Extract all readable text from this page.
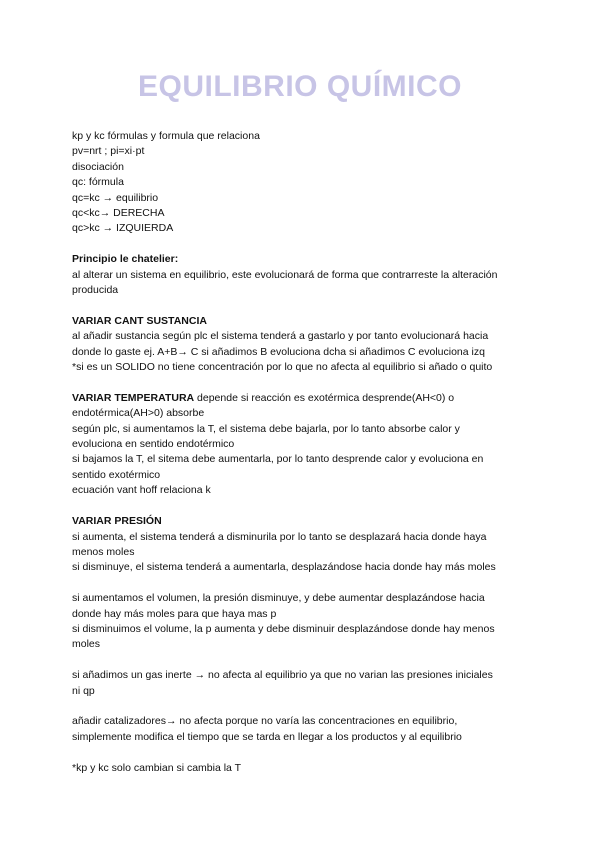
EQUILIBRIO QUÍMICO
kp y kc fórmulas y formula que relaciona
pv=nrt ; pi=xi·pt
disociación
qc: fórmula
qc=kc → equilibrio
qc<kc→ DERECHA
qc>kc → IZQUIERDA
Principio le chatelier:
al alterar un sistema en equilibrio, este evolucionará de forma que contrarreste la alteración
producida
VARIAR CANT SUSTANCIA
al añadir sustancia según plc el sistema tenderá a gastarlo y por tanto evolucionará hacia
donde lo gaste ej. A+B→ C si añadimos B evoluciona dcha si añadimos C evoluciona izq
*si es un SOLIDO no tiene concentración por lo que no afecta al equilibrio si añado o quito
VARIAR TEMPERATURA depende si reacción es exotérmica desprende(AH<0) o
endotérmica(AH>0) absorbe
según plc, si aumentamos la T, el sistema debe bajarla, por lo tanto absorbe calor y
evoluciona en sentido endotérmico
si bajamos la T, el sitema debe aumentarla, por lo tanto desprende calor y evoluciona en
sentido exotérmico
ecuación vant hoff relaciona k
VARIAR PRESIÓN
si aumenta, el sistema tenderá a disminurila por lo tanto se desplazará hacia donde haya
menos moles
si disminuye, el sistema tenderá a aumentarla, desplazándose hacia donde hay más moles
si aumentamos el volumen, la presión disminuye, y debe aumentar desplazándose hacia
donde hay más moles para que haya mas p
si disminuimos el volume, la p aumenta y debe disminuir desplazándose donde hay menos
moles
si añadimos un gas inerte → no afecta al equilibrio ya que no varian las presiones iniciales
ni qp
añadir catalizadores→ no afecta porque no varía las concentraciones en equilibrio,
simplemente modifica el tiempo que se tarda en llegar a los productos y al equilibrio
*kp y kc solo cambian si cambia la T
